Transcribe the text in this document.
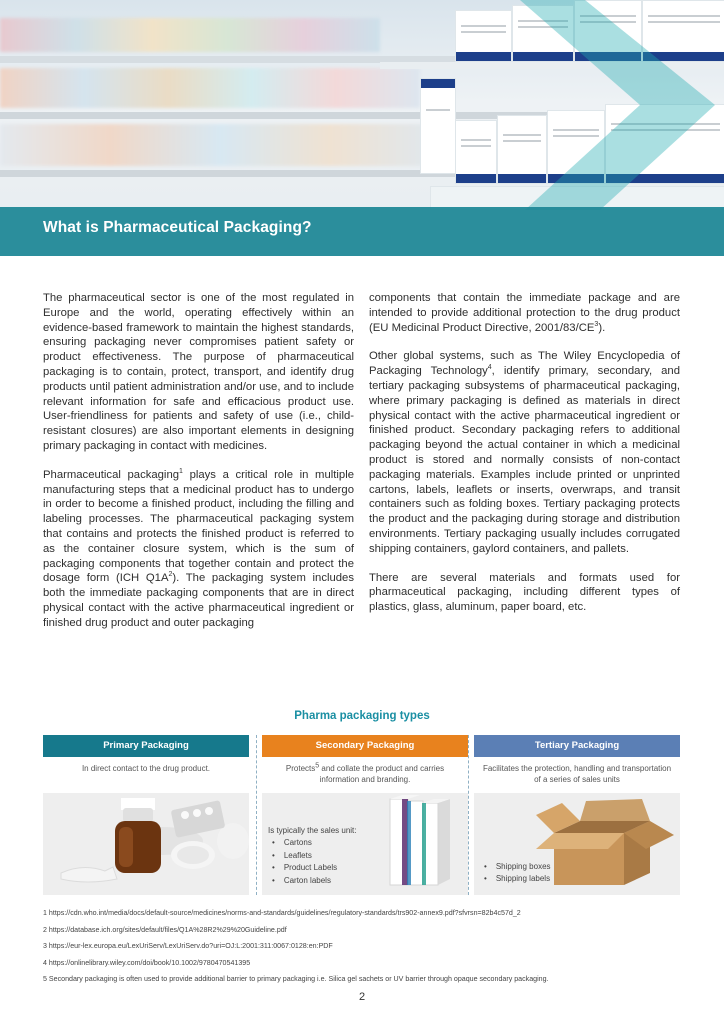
What is Pharmaceutical Packaging?

The pharmaceutical sector is one of the most regulated in Europe and the world, operating effectively within an evidence-based framework to maintain the highest standards, ensuring packaging never compromises patient safety or product effectiveness. The purpose of pharmaceutical packaging is to contain, protect, transport, and identify drug products until patient administration and/or use, and to include relevant information for safe and efficacious product use. User-friendliness for patients and safety of use (i.e., child-resistant closures) are also important elements in designing primary packaging in contact with medicines.

Pharmaceutical packaging$^1$ plays a critical role in multiple manufacturing steps that a medicinal product has to undergo in order to become a finished product, including the filling and labeling processes. The pharmaceutical packaging system that contains and protects the finished product is referred to as the container closure system, which is the sum of packaging components that together contain and protect the dosage form (ICH $Q1A^2$). The packaging system includes both the immediate packaging components that are in direct physical contact with the active pharmaceutical ingredient or finished drug product and outer packaging

components that contain the immediate package and are intended to provide additional protection to the drug product (EU Medicinal Product Directive, $2001/83/CE^3$).

Other global systems, such as The Wiley Encyclopedia of Packaging Technology$^4$, identify primary, secondary, and tertiary packaging subsystems of pharmaceutical packaging, where primary packaging is defined as materials in direct physical contact with the active pharmaceutical ingredient or finished product. Secondary packaging refers to additional packaging beyond the actual container in which a medicinal product is stored and normally consists of non-contact packaging materials. Examples include printed or unprinted cartons, labels, leaflets or inserts, overwraps, and transit containers such as folding boxes. Tertiary packaging protects the product and the packaging during storage and distribution environments. Tertiary packaging usually includes corrugated shipping containers, gaylord containers, and pallets.

There are several materials and formats used for pharmaceutical packaging, including different types of plastics, glass, aluminum, paper board, etc.

Pharma packaging types
Primary Packaging
In direct contact to the drug product.
Secondary Packaging
Protects$^5$ and collate the product and carries information and branding.
Is typically the sales unit:
• Cartons
• Leaflets
• Product Labels
• Carton labels
Tertiary Packaging
Facilitates the protection, handling and transportation of a series of sales units
• Shipping boxes
• Shipping labels
1 https://cdn.who.int/media/docs/default-source/medicines/norms-and-standards/guidelines/regulatory-standards/trs902-annex9.pdf?sfvrsn=82b4c57d_2
2 https://database.ich.org/sites/default/files/Q1A%28R2%29%20Guideline.pdf
3 https://eur-lex.europa.eu/LexUriServ/LexUriServ.do?uri=OJ:L:2001:311:0067:0128:en:PDF
4 https://onlinelibrary.wiley.com/doi/book/10.1002/9780470541395
5 Secondary packaging is often used to provide additional barrier to primary packaging i.e. Silica gel sachets or UV barrier through opaque secondary packaging.
2
